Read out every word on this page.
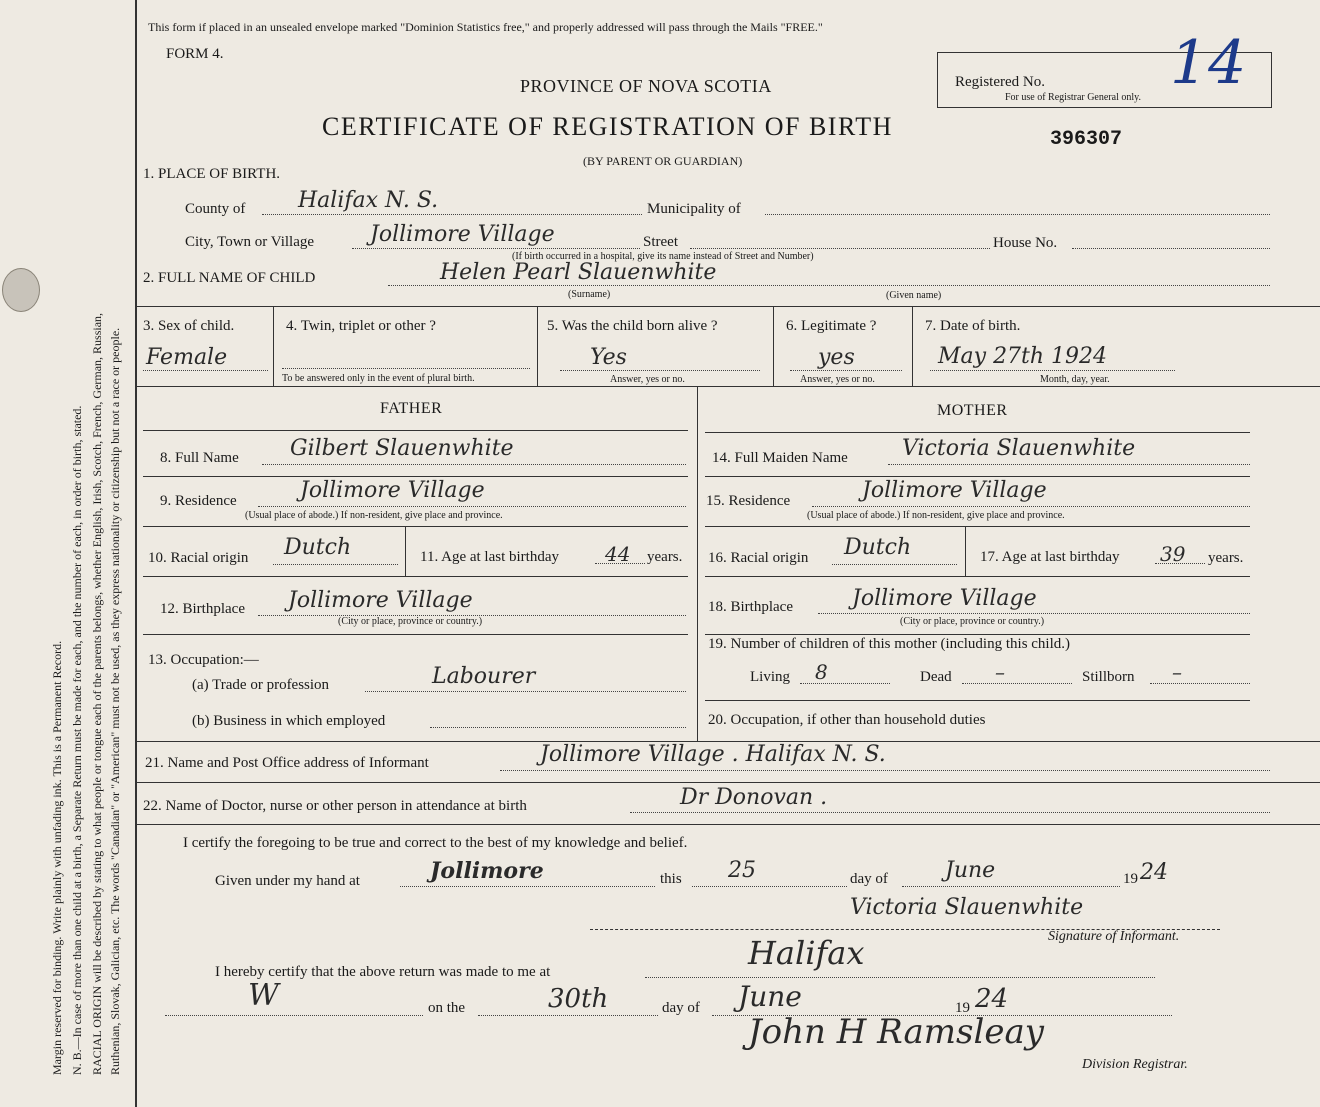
Margin reserved for binding. Write plainly with unfading ink. This is a Permanent Record. N. B.—In case of more than one child at a birth, a Separate Return must be made for each, and the number of each, in order of birth, stated. RACIAL ORIGIN will be described by stating to what people or tongue each of the parents belongs, whether English, Irish, Scotch, French, German, Russian, Ruthenian, Slovak, Galician, etc. The words "Canadian" or "American" must not be used, as they express nationality or citizenship but not a race or people.
This form if placed in an unsealed envelope marked "Dominion Statistics free," and properly addressed will pass through the Mails "FREE."
FORM 4.
PROVINCE OF NOVA SCOTIA
CERTIFICATE OF REGISTRATION OF BIRTH
(BY PARENT OR GUARDIAN)
396307
Registered No.
For use of Registrar General only. 14
1. PLACE OF BIRTH.
County of Halifax N. S.	Municipality of
City, Town or Village	Jollimore Village	Street	House No.
(If birth occurred in a hospital, give its name instead of Street and Number)
2. FULL NAME OF CHILD	Helen Pearl Slauenwhite
(Surname)	(Given name)
3. Sex of child.
Female
4. Twin, triplet or other ?
To be answered only in the event of plural birth.
5. Was the child born alive ?
Yes
Answer, yes or no.
6. Legitimate ?
yes
Answer, yes or no.
7. Date of birth.
May 27th 1924
Month, day, year.
FATHER	MOTHER
8. Full Name Gilbert Slauenwhite
9. Residence	Jollimore Village
(Usual place of abode.) If non-resident, give place and province.
10. Racial origin Dutch	11. Age at last birthday 44 years.
12. Birthplace Jollimore Village
(City or place, province or country.)
13. Occupation:—
(a) Trade or profession	Labourer
(b) Business in which employed
14. Full Maiden Name Victoria Slauenwhite
15. Residence	Jollimore Village
(Usual place of abode.) If non-resident, give place and province.
16. Racial origin Dutch	17. Age at last birthday 39 years.
18. Birthplace	Jollimore Village
(City or place, province or country.)
19. Number of children of this mother (including this child.)
Living 8	Dead –	Stillborn –
20. Occupation, if other than household duties
21. Name and Post Office address of Informant	Jollimore Village . Halifax N. S.
22. Name of Doctor, nurse or other person in attendance at birth	Dr Donovan .
I certify the foregoing to be true and correct to the best of my knowledge and belief.
Given under my hand at	Jollimore	this 25	day of	June	19 24
Victoria Slauenwhite
Signature of Informant.
I hereby certify that the above return was made to me at	Halifax
W	on the	30th	day of June	19 24
John H Ramsleay
Division Registrar.
